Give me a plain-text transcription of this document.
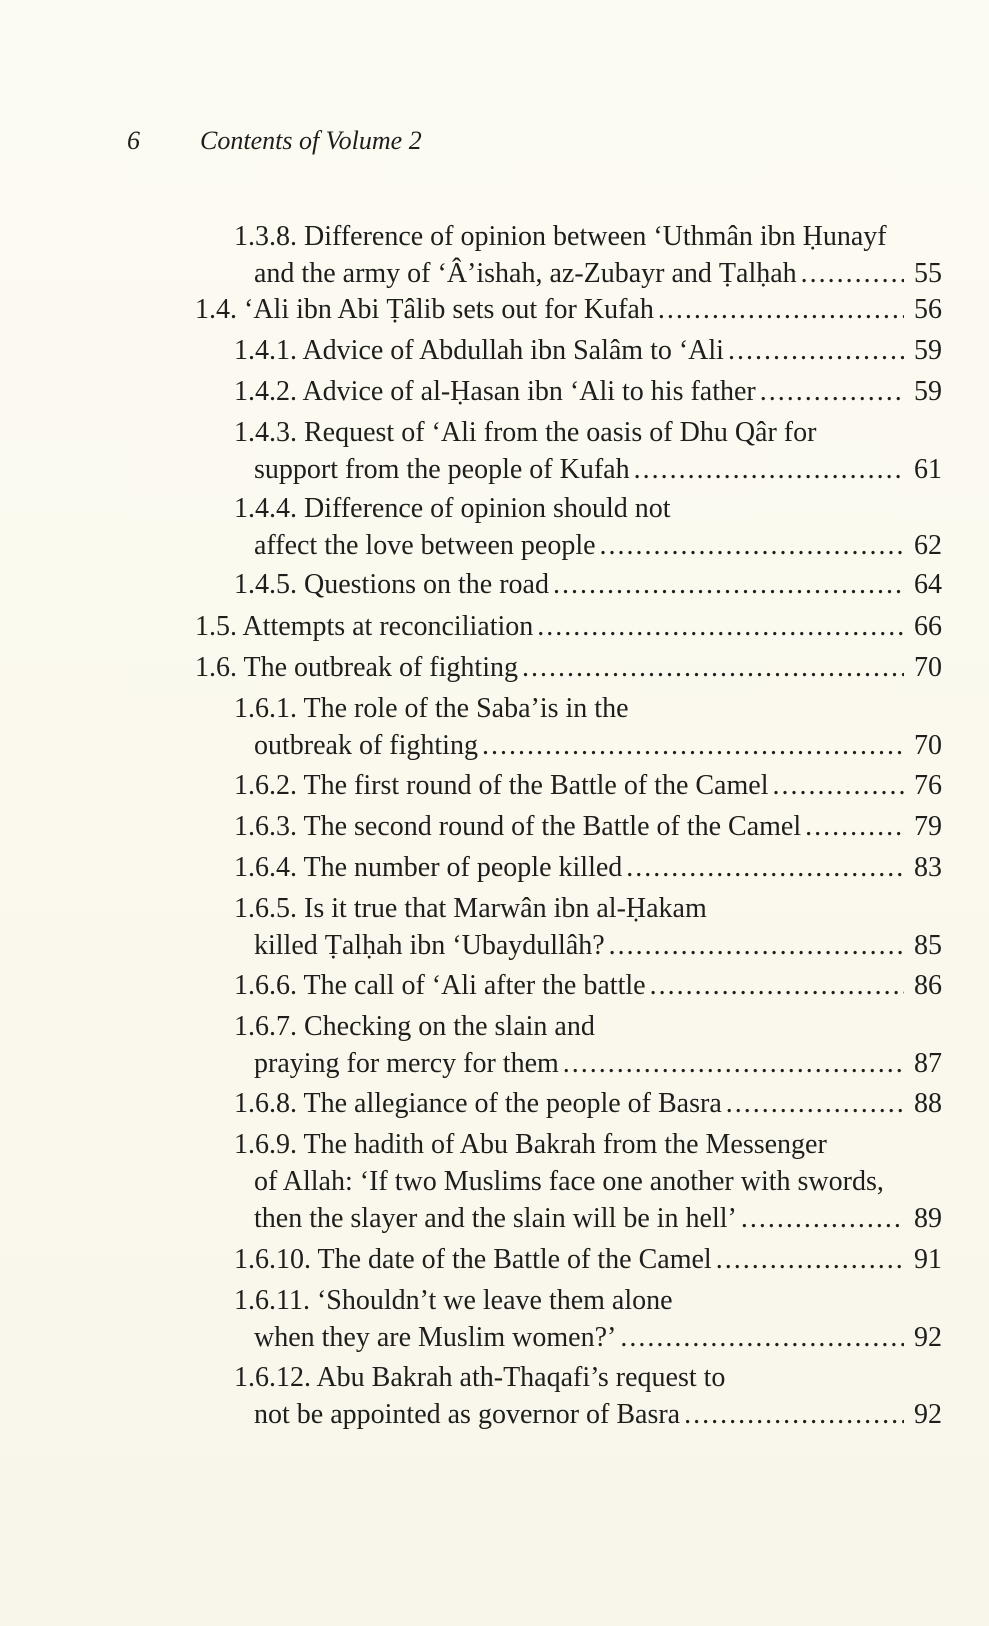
6 Contents of Volume 2
1.3.8. Difference of opinion between ‘Uthmân ibn Ḥunayf
and the army of ‘Â’ishah, az-Zubayr and Ṭalḥah .....	55
1.4. ‘Ali ibn Abi Ṭâlib sets out for Kufah .....	56
1.4.1. Advice of Abdullah ibn Salâm to ‘Ali .....	59
1.4.2. Advice of al-Ḥasan ibn ‘Ali to his father .....	59
1.4.3. Request of ‘Ali from the oasis of Dhu Qâr for
support from the people of Kufah .....	61
1.4.4. Difference of opinion should not
affect the love between people .....	62
1.4.5. Questions on the road .....	64
1.5. Attempts at reconciliation .....	66
1.6. The outbreak of fighting .....	70
1.6.1. The role of the Saba’is in the
outbreak of fighting .....	70
1.6.2. The first round of the Battle of the Camel .....	76
1.6.3. The second round of the Battle of the Camel .....	79
1.6.4. The number of people killed .....	83
1.6.5. Is it true that Marwân ibn al-Ḥakam
killed Ṭalḥah ibn ‘Ubaydullâh? .....	85
1.6.6. The call of ‘Ali after the battle .....	86
1.6.7. Checking on the slain and
praying for mercy for them .....	87
1.6.8. The allegiance of the people of Basra .....	88
1.6.9. The hadith of Abu Bakrah from the Messenger
of Allah: ‘If two Muslims face one another with swords,
then the slayer and the slain will be in hell’ .....	89
1.6.10. The date of the Battle of the Camel .....	91
1.6.11. ‘Shouldn’t we leave them alone
when they are Muslim women?’ .....	92
1.6.12. Abu Bakrah ath-Thaqafi’s request to
not be appointed as governor of Basra .....	92
